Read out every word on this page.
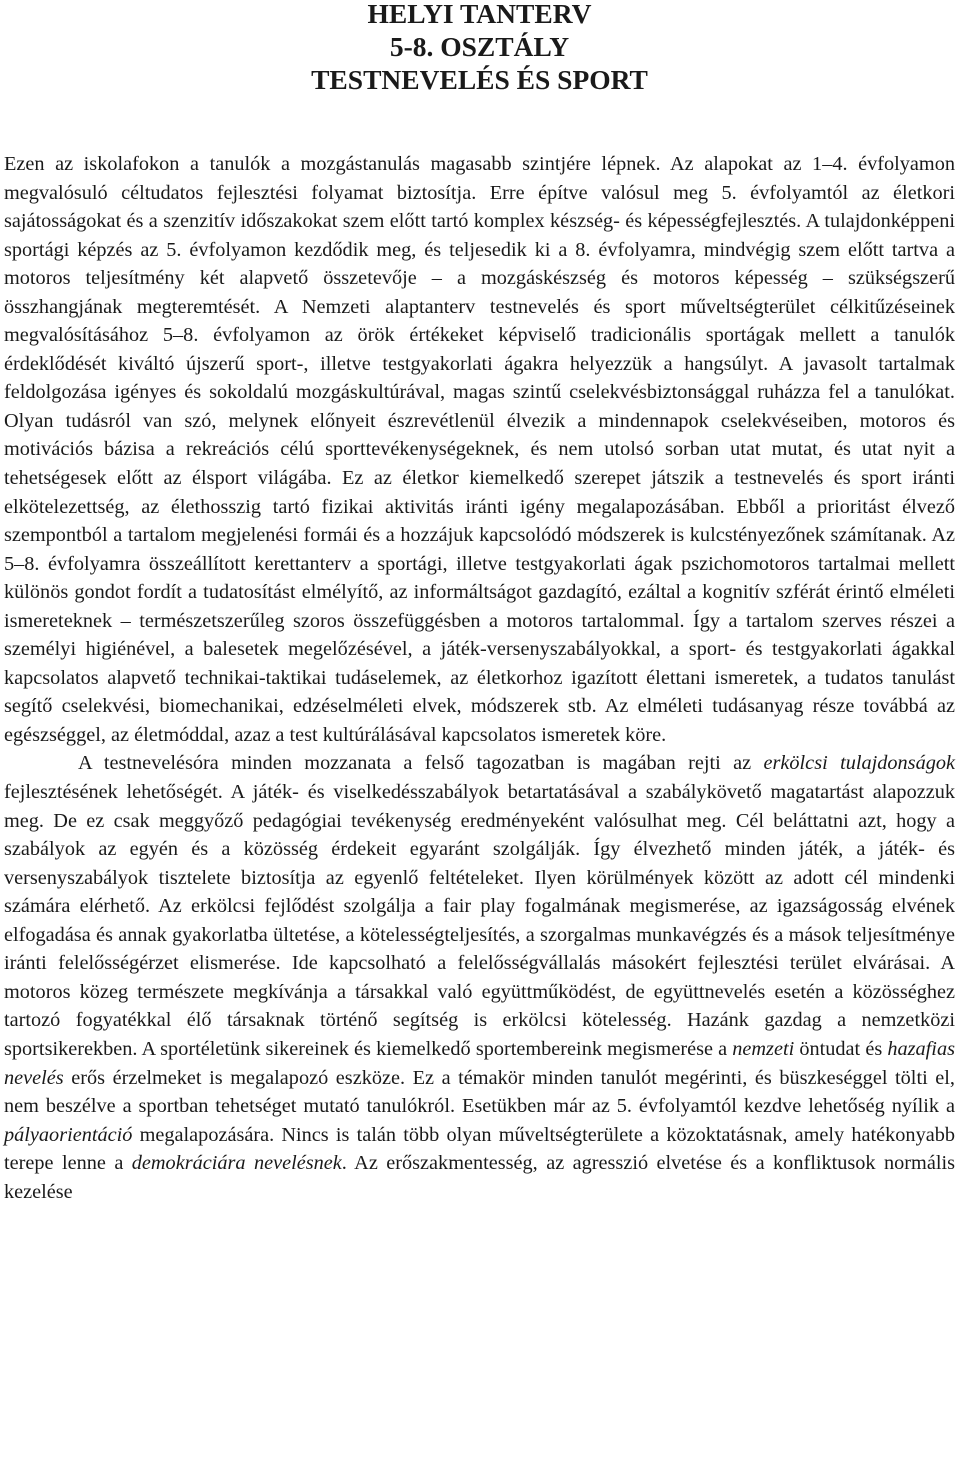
HELYI TANTERV
5-8. OSZTÁLY
TESTNEVELÉS ÉS SPORT

Ezen az iskolafokon a tanulók a mozgástanulás magasabb szintjére lépnek. Az alapokat az 1–4. évfolyamon megvalósuló céltudatos fejlesztési folyamat biztosítja. Erre építve valósul meg 5. évfolyamtól az életkori sajátosságokat és a szenzitív időszakokat szem előtt tartó komplex készség- és képességfejlesztés. A tulajdonképpeni sportági képzés az 5. évfolyamon kezdődik meg, és teljesedik ki a 8. évfolyamra, mindvégig szem előtt tartva a motoros teljesítmény két alapvető összetevője – a mozgáskészség és motoros képesség – szükségszerű összhangjának megteremtését. A Nemzeti alaptanterv testnevelés és sport műveltségterület célkitűzéseinek megvalósításához 5–8. évfolyamon az örök értékeket képviselő tradicionális sportágak mellett a tanulók érdeklődését kiváltó újszerű sport-, illetve testgyakorlati ágakra helyezzük a hangsúlyt. A javasolt tartalmak feldolgozása igényes és sokoldalú mozgáskultúrával, magas szintű cselekvésbiztonsággal ruházza fel a tanulókat. Olyan tudásról van szó, melynek előnyeit észrevétlenül élvezik a mindennapok cselekvéseiben, motoros és motivációs bázisa a rekreációs célú sporttevékenységeknek, és nem utolsó sorban utat mutat, és utat nyit a tehetségesek előtt az élsport világába. Ez az életkor kiemelkedő szerepet játszik a testnevelés és sport iránti elkötelezettség, az élethosszig tartó fizikai aktivitás iránti igény megalapozásában. Ebből a prioritást élvező szempontból a tartalom megjelenési formái és a hozzájuk kapcsolódó módszerek is kulcstényezőnek számítanak. Az 5–8. évfolyamra összeállított kerettanterv a sportági, illetve testgyakorlati ágak pszichomotoros tartalmai mellett különös gondot fordít a tudatosítást elmélyítő, az informáltságot gazdagító, ezáltal a kognitív szférát érintő elméleti ismereteknek – természetszerűleg szoros összefüggésben a motoros tartalommal. Így a tartalom szerves részei a személyi higiénével, a balesetek megelőzésével, a játék-versenyszabályokkal, a sport- és testgyakorlati ágakkal kapcsolatos alapvető technikai-taktikai tudáselemek, az életkorhoz igazított élettani ismeretek, a tudatos tanulást segítő cselekvési, biomechanikai, edzéselméleti elvek, módszerek stb. Az elméleti tudásanyag része továbbá az egészséggel, az életmóddal, azaz a test kultúrálásával kapcsolatos ismeretek köre.

A testnevelésóra minden mozzanata a felső tagozatban is magában rejti az erkölcsi tulajdonságok fejlesztésének lehetőségét. A játék- és viselkedésszabályok betartatásával a szabálykövető magatartást alapozzuk meg. De ez csak meggyőző pedagógiai tevékenység eredményeként valósulhat meg. Cél beláttatni azt, hogy a szabályok az egyén és a közösség érdekeit egyaránt szolgálják. Így élvezhető minden játék, a játék- és versenyszabályok tisztelete biztosítja az egyenlő feltételeket. Ilyen körülmények között az adott cél mindenki számára elérhető. Az erkölcsi fejlődést szolgálja a fair play fogalmának megismerése, az igazságosság elvének elfogadása és annak gyakorlatba ültetése, a kötelességteljesítés, a szorgalmas munkavégzés és a mások teljesítménye iránti felelősségérzet elismerése. Ide kapcsolható a felelősségvállalás másokért fejlesztési terület elvárásai. A motoros közeg természete megkívánja a társakkal való együttműködést, de együttnevelés esetén a közösséghez tartozó fogyatékkal élő társaknak történő segítség is erkölcsi kötelesség. Hazánk gazdag a nemzetközi sportsikerekben. A sportéletünk sikereinek és kiemelkedő sportembereink megismerése a nemzeti öntudat és hazafias nevelés erős érzelmeket is megalapozó eszköze. Ez a témakör minden tanulót megérinti, és büszkeséggel tölti el, nem beszélve a sportban tehetséget mutató tanulókról. Esetükben már az 5. évfolyamtól kezdve lehetőség nyílik a pályaorientáció megalapozására. Nincs is talán több olyan műveltségterülete a közoktatásnak, amely hatékonyabb terepe lenne a demokráciára nevelésnek. Az erőszakmentesség, az agresszió elvetése és a konfliktusok normális kezelése
